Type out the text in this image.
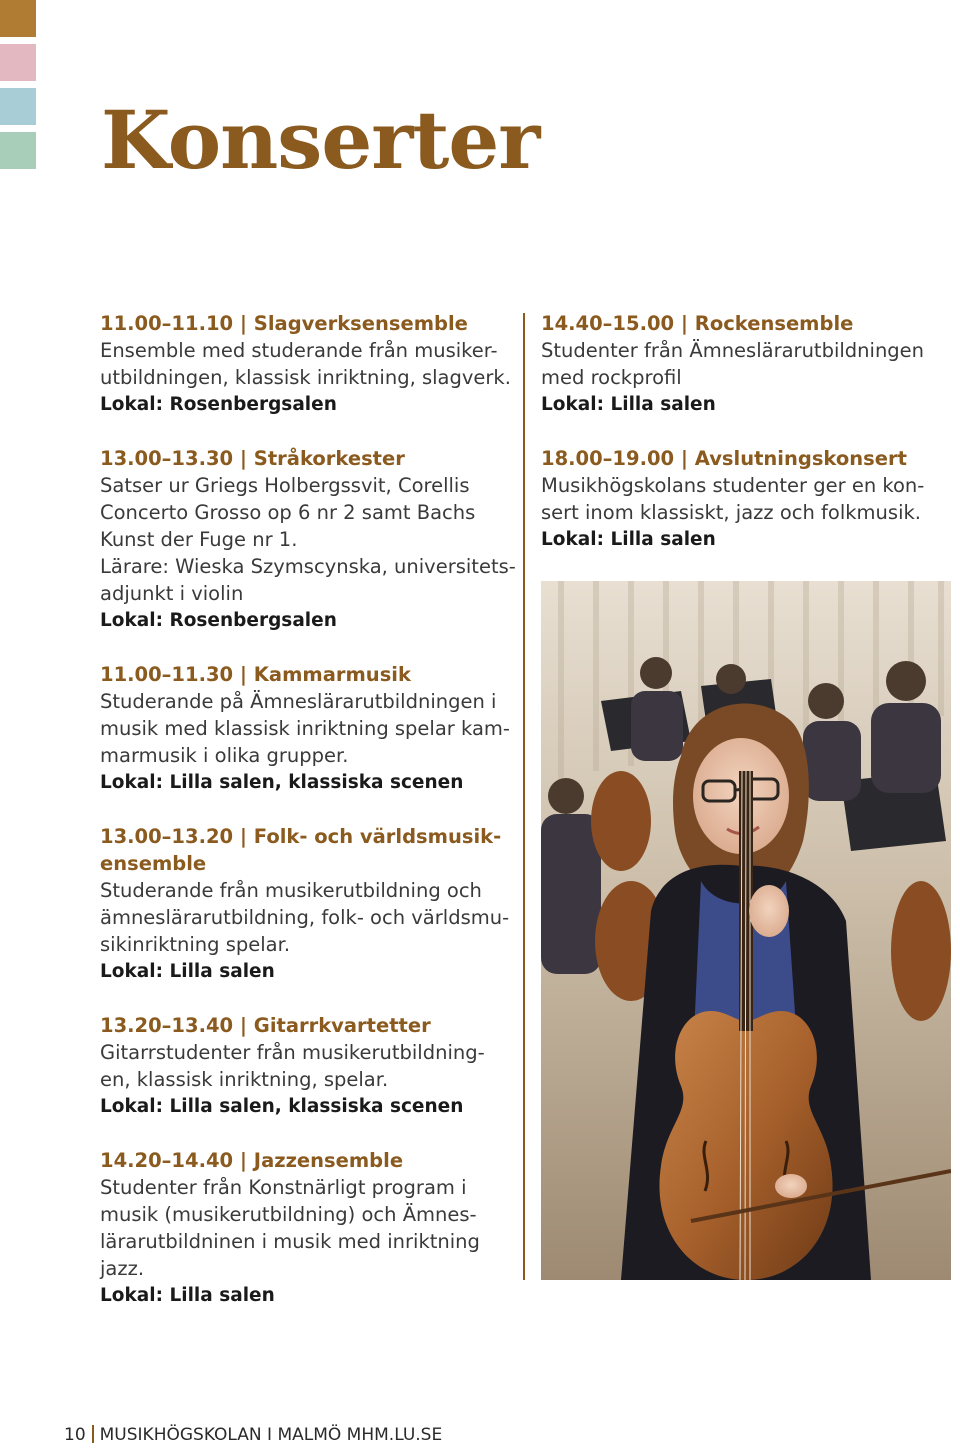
Konserter
11.00–11.10 | Slagverksensemble
Ensemble med studerande från musiker-
utbildningen, klassisk inriktning, slagverk.
Lokal: Rosenbergsalen
13.00–13.30 | Stråkorkester
Satser ur Griegs Holbergssvit, Corellis
Concerto Grosso op 6 nr 2 samt Bachs
Kunst der Fuge nr 1.
Lärare: Wieska Szymscynska, universitets-
adjunkt i violin
Lokal: Rosenbergsalen
11.00–11.30 | Kammarmusik
Studerande på Ämneslärarutbildningen i
musik med klassisk inriktning spelar kam-
marmusik i olika grupper.
Lokal: Lilla salen, klassiska scenen
13.00–13.20 | Folk- och världsmusik-
ensemble
Studerande från musikerutbildning och
ämneslärarutbildning, folk- och världsmu-
sikinriktning spelar.
Lokal: Lilla salen
13.20–13.40 | Gitarrkvartetter
Gitarrstudenter från musikerutbildning-
en, klassisk inriktning, spelar.
Lokal: Lilla salen, klassiska scenen
14.20–14.40 | Jazzensemble
Studenter från Konstnärligt program i
musik (musikerutbildning) och Ämnes-
lärarutbildninen i musik med inriktning
jazz.
Lokal: Lilla salen
14.40–15.00 | Rockensemble
Studenter från Ämneslärarutbildningen
med rockprofil
Lokal: Lilla salen
18.00–19.00 | Avslutningskonsert
Musikhögskolans studenter ger en kon-
sert inom klassiskt, jazz och folkmusik.
Lokal: Lilla salen
10 MUSIKHÖGSKOLAN I MALMÖ MHM.LU.SE
